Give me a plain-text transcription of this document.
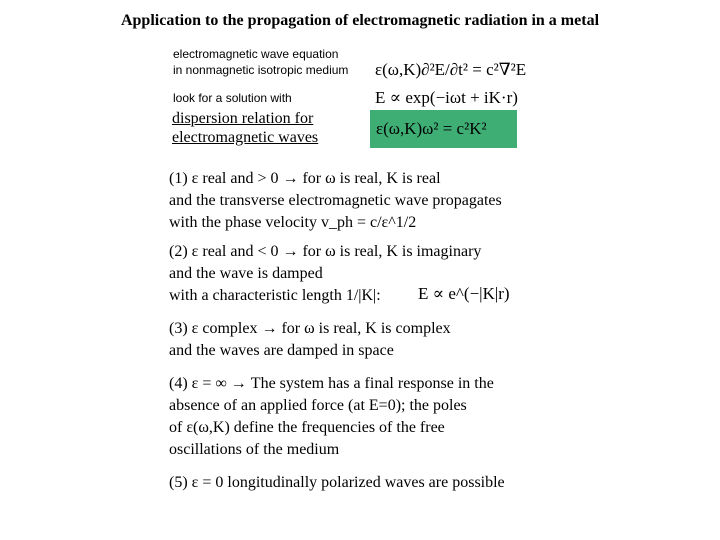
Application to the propagation of electromagnetic radiation in a metal
electromagnetic wave equation
in nonmagnetic isotropic medium ε(ω,K)∂²E/∂t² = c²∇²E
look for a solution with	E ∝ exp(−iωt + iK·r)
dispersion relation for
electromagnetic waves	ε(ω,K)ω² = c²K²
(1) ε real and > 0 → for ω is real, K is real
and the transverse electromagnetic wave propagates
with the phase velocity v_ph = c/ε^1/2
(2) ε real and < 0 → for ω is real, K is imaginary
and the wave is damped
with a characteristic length 1/|K|:	E ∝ e^(−|K|r)
(3) ε complex → for ω is real, K is complex
and the waves are damped in space
(4) ε = ∞ → The system has a final response in the
absence of an applied force (at E=0); the poles
of ε(ω,K) define the frequencies of the free
oscillations of the medium
(5) ε = 0 longitudinally polarized waves are possible
